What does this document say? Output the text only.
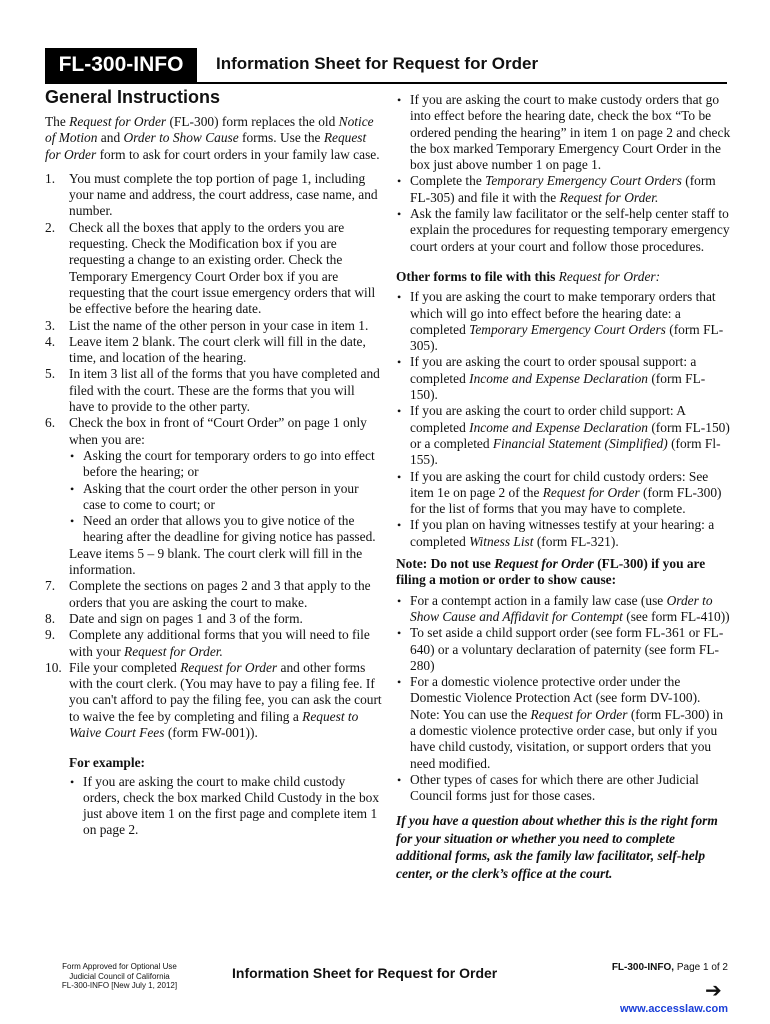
FL-300-INFO	Information Sheet for Request for Order
General Instructions

The Request for Order (FL-300) form replaces the old Notice of Motion and Order to Show Cause forms. Use the Request for Order form to ask for court orders in your family law case.

1. You must complete the top portion of page 1, including your name and address, the court address, case name, and number.
2. Check all the boxes that apply to the orders you are requesting. Check the Modification box if you are requesting a change to an existing order. Check the Temporary Emergency Court Order box if you are requesting that the court issue emergency orders that will be effective before the hearing date.
3. List the name of the other person in your case in item 1.
4. Leave item 2 blank. The court clerk will fill in the date, time, and location of the hearing.
5. In item 3 list all of the forms that you have completed and filed with the court. These are the forms that you will have to provide to the other party.
6. Check the box in front of “Court Order” on page 1 only when you are:
• Asking the court for temporary orders to go into effect before the hearing; or
• Asking that the court order the other person in your case to come to court; or
• Need an order that allows you to give notice of the hearing after the deadline for giving notice has passed.
Leave items 5 – 9 blank. The court clerk will fill in the information.
7. Complete the sections on pages 2 and 3 that apply to the orders that you are asking the court to make.
8. Date and sign on pages 1 and 3 of the form.
9. Complete any additional forms that you will need to file with your Request for Order.
10. File your completed Request for Order and other forms with the court clerk. (You may have to pay a filing fee. If you can't afford to pay the filing fee, you can ask the court to waive the fee by completing and filing a Request to Waive Court Fees (form FW-001)).
For example:
• If you are asking the court to make child custody orders, check the box marked Child Custody in the box just above item 1 on the first page and complete item 1 on page 2.
• If you are asking the court to make custody orders that go into effect before the hearing date, check the box “To be ordered pending the hearing” in item 1 on page 2 and check the box marked Temporary Emergency Court Order in the box just above number 1 on page 1.
• Complete the Temporary Emergency Court Orders (form FL-305) and file it with the Request for Order.
• Ask the family law facilitator or the self-help center staff to explain the procedures for requesting temporary emergency court orders at your court and follow those procedures.
Other forms to file with this Request for Order:
• If you are asking the court to make temporary orders that which will go into effect before the hearing date: a completed Temporary Emergency Court Orders (form FL-305).
• If you are asking the court to order spousal support: a completed Income and Expense Declaration (form FL-150).
• If you are asking the court to order child support: A completed Income and Expense Declaration (form FL-150) or a completed Financial Statement (Simplified) (form Fl-155).
• If you are asking the court for child custody orders: See item 1e on page 2 of the Request for Order (form FL-300) for the list of forms that you may have to complete.
• If you plan on having witnesses testify at your hearing: a completed Witness List (form FL-321).
Note: Do not use Request for Order (FL-300) if you are filing a motion or order to show cause:
• For a contempt action in a family law case (use Order to Show Cause and Affidavit for Contempt (see form FL-410))
• To set aside a child support order (see form FL-361 or FL-640) or a voluntary declaration of paternity (see form FL-280)
• For a domestic violence protective order under the Domestic Violence Protection Act (see form DV-100). Note: You can use the Request for Order (form FL-300) in a domestic violence protective order case, but only if you have child custody, visitation, or support orders that you need modified.
• Other types of cases for which there are other Judicial Council forms just for those cases.
If you have a question about whether this is the right form for your situation or whether you need to complete additional forms, ask the family law facilitator, self-help center, or the clerk’s office at the court.
Form Approved for Optional Use
Judicial Council of California
FL-300-INFO [New July 1, 2012]
Information Sheet for Request for Order	FL-300-INFO, Page 1 of 2
➔
www.accesslaw.com
